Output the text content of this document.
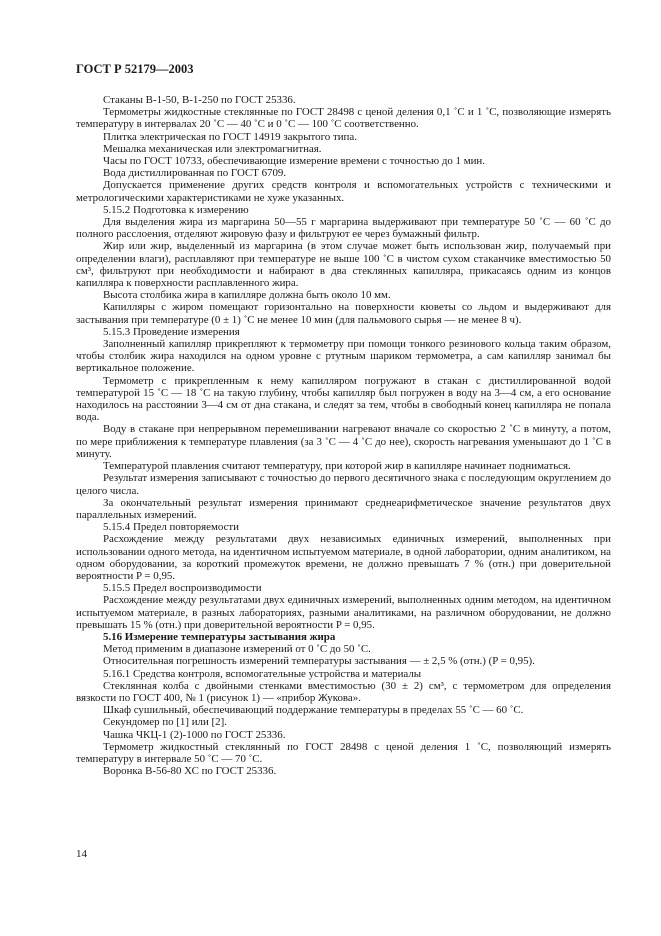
ГОСТ Р 52179—2003

Стаканы В-1-50, В-1-250 по ГОСТ 25336.

Термометры жидкостные стеклянные по ГОСТ 28498 с ценой деления 0,1 ˚С и 1 ˚С, позволяющие измерять температуру в интервалах 20 ˚С — 40 ˚С и 0 ˚С — 100 ˚С соответственно.

Плитка электрическая по ГОСТ 14919 закрытого типа.

Мешалка механическая или электромагнитная.

Часы по ГОСТ 10733, обеспечивающие измерение времени с точностью до 1 мин.

Вода дистиллированная по ГОСТ 6709.

Допускается применение других средств контроля и вспомогательных устройств с техническими и метрологическими характеристиками не хуже указанных.

5.15.2 Подготовка к измерению

Для выделения жира из маргарина 50—55 г маргарина выдерживают при температуре 50 ˚С — 60 ˚С до полного расслоения, отделяют жировую фазу и фильтруют ее через бумажный фильтр.

Жир или жир, выделенный из маргарина (в этом случае может быть использован жир, получаемый при определении влаги), расплавляют при температуре не выше 100 ˚С в чистом сухом стаканчике вместимостью 50 см³, фильтруют при необходимости и набирают в два стеклянных капилляра, прикасаясь одним из концов капилляра к поверхности расплавленного жира.

Высота столбика жира в капилляре должна быть около 10 мм.

Капилляры с жиром помещают горизонтально на поверхности кюветы со льдом и выдерживают для застывания при температуре (0 ± 1) ˚С не менее 10 мин (для пальмового сырья — не менее 8 ч).

5.15.3 Проведение измерения

Заполненный капилляр прикрепляют к термометру при помощи тонкого резинового кольца таким образом, чтобы столбик жира находился на одном уровне с ртутным шариком термометра, а сам капилляр занимал бы вертикальное положение.

Термометр с прикрепленным к нему капилляром погружают в стакан с дистиллированной водой температурой 15 ˚С — 18 ˚С на такую глубину, чтобы капилляр был погружен в воду на 3—4 см, а его основание находилось на расстоянии 3—4 см от дна стакана, и следят за тем, чтобы в свободный конец капилляра не попала вода.

Воду в стакане при непрерывном перемешивании нагревают вначале со скоростью 2 ˚С в минуту, а потом, по мере приближения к температуре плавления (за 3 ˚С — 4 ˚С до нее), скорость нагревания уменьшают до 1 ˚С в минуту.

Температурой плавления считают температуру, при которой жир в капилляре начинает подниматься.

Результат измерения записывают с точностью до первого десятичного знака с последующим округлением до целого числа.

За окончательный результат измерения принимают среднеарифметическое значение результатов двух параллельных измерений.

5.15.4 Предел повторяемости

Расхождение между результатами двух независимых единичных измерений, выполненных при использовании одного метода, на идентичном испытуемом материале, в одной лаборатории, одним аналитиком, на одном оборудовании, за короткий промежуток времени, не должно превышать 7 % (отн.) при доверительной вероятности P = 0,95.

5.15.5 Предел воспроизводимости

Расхождение между результатами двух единичных измерений, выполненных одним методом, на идентичном испытуемом материале, в разных лабораториях, разными аналитиками, на различном оборудовании, не должно превышать 15 % (отн.) при доверительной вероятности P = 0,95.

5.16 Измерение температуры застывания жира

Метод применим в диапазоне измерений от 0 ˚С до 50 ˚С.

Относительная погрешность измерений температуры застывания — ± 2,5 % (отн.) (P = 0,95).

5.16.1 Средства контроля, вспомогательные устройства и материалы

Стеклянная колба с двойными стенками вместимостью (30 ± 2) см³, с термометром для определения вязкости по ГОСТ 400, № 1 (рисунок 1) — «прибор Жукова».

Шкаф сушильный, обеспечивающий поддержание температуры в пределах 55 ˚С — 60 ˚С.

Секундомер по [1] или [2].

Чашка ЧКЦ-1 (2)-1000 по ГОСТ 25336.

Термометр жидкостный стеклянный по ГОСТ 28498 с ценой деления 1 ˚С, позволяющий измерять температуру в интервале 50 ˚С — 70 ˚С.

Воронка В-56-80 ХС по ГОСТ 25336.

14
